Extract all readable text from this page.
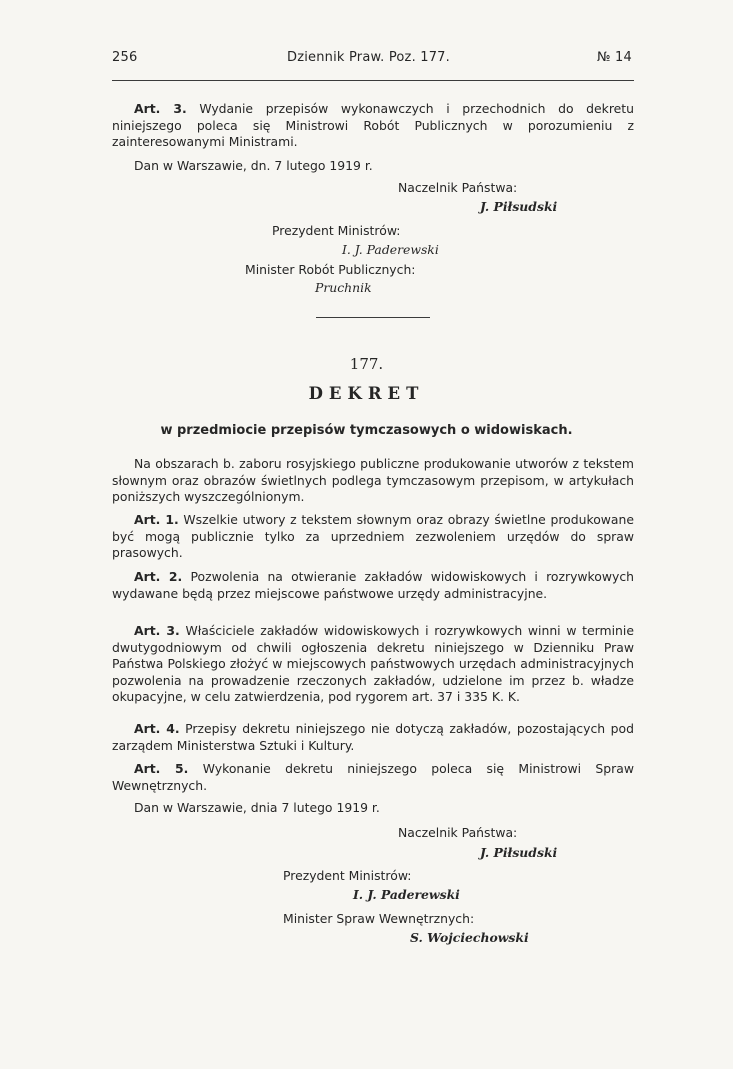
256	Dziennik Praw. Poz. 177.	№ 14

Art. 3. Wydanie przepisów wykonawczych i przechodnich do dekretu niniejszego poleca się Ministrowi Robót Publicznych w porozumieniu z zainteresowanymi Ministrami.

Dan w Warszawie, dn. 7 lutego 1919 r.
Naczelnik Państwa:
J. Piłsudski
Prezydent Ministrów:
I. J. Paderewski
Minister Robót Publicznych:
Pruchnik
177.
DEKRET
w przedmiocie przepisów tymczasowych o widowiskach.

Na obszarach b. zaboru rosyjskiego publiczne produkowanie utworów z tekstem słownym oraz obrazów świetlnych podlega tymczasowym przepisom, w artykułach poniższych wyszczególnionym.

Art. 1. Wszelkie utwory z tekstem słownym oraz obrazy świetlne produkowane być mogą publicznie tylko za uprzedniem zezwoleniem urzędów do spraw prasowych.

Art. 2. Pozwolenia na otwieranie zakładów widowiskowych i rozrywkowych wydawane będą przez miejscowe państwowe urzędy administracyjne.

Art. 3. Właściciele zakładów widowiskowych i rozrywkowych winni w terminie dwutygodniowym od chwili ogłoszenia dekretu niniejszego w Dzienniku Praw Państwa Polskiego złożyć w miejscowych państwowych urzędach administracyjnych pozwolenia na prowadzenie rzeczonych zakładów, udzielone im przez b. władze okupacyjne, w celu zatwierdzenia, pod rygorem art. 37 i 335 K. K.

Art. 4. Przepisy dekretu niniejszego nie dotyczą zakładów, pozostających pod zarządem Ministerstwa Sztuki i Kultury.

Art. 5. Wykonanie dekretu niniejszego poleca się Ministrowi Spraw Wewnętrznych.

Dan w Warszawie, dnia 7 lutego 1919 r.
Naczelnik Państwa:
J. Piłsudski
Prezydent Ministrów:
I. J. Paderewski
Minister Spraw Wewnętrznych:
S. Wojciechowski
